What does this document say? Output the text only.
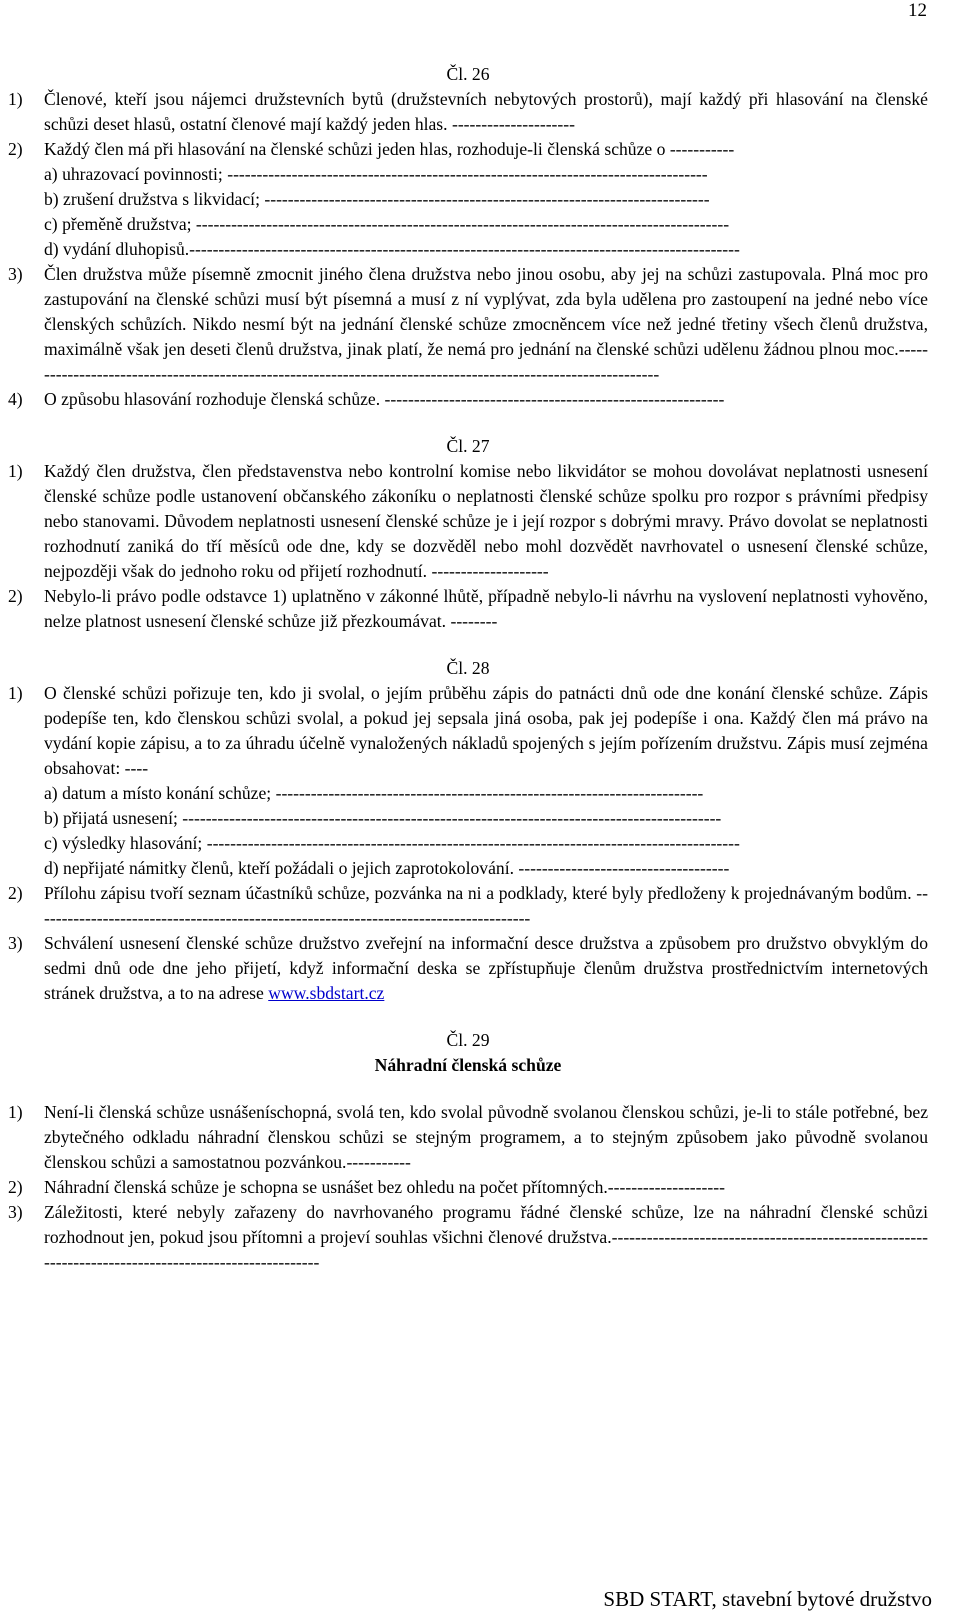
12
Čl. 26
1)	Členové, kteří jsou nájemci družstevních bytů (družstevních nebytových prostorů), mají každý při hlasování na členské schůzi deset hlasů, ostatní členové mají každý jeden hlas. ---------------------
2)	Každý člen má při hlasování na členské schůzi jeden hlas, rozhoduje-li členská schůze o -----------
a) uhrazovací povinnosti; ----------------------------------------------------------------------------------
b) zrušení družstva s likvidací; ----------------------------------------------------------------------------
c) přeměně družstva; -------------------------------------------------------------------------------------------
d) vydání dluhopisů.----------------------------------------------------------------------------------------------
3)	Člen družstva může písemně zmocnit jiného člena družstva nebo jinou osobu, aby jej na schůzi zastupovala. Plná moc pro zastupování na členské schůzi musí být písemná a musí z ní vyplývat, zda byla udělena pro zastoupení na jedné nebo více členských schůzích. Nikdo nesmí být na jednání členské schůze zmocněncem více než jedné třetiny všech členů družstva, maximálně však jen deseti členů družstva, jinak platí, že nemá pro jednání na členské schůzi udělenu žádnou plnou moc.--------------------------------------------------------------------------------------------------------------
4)	O způsobu hlasování rozhoduje členská schůze. ----------------------------------------------------------
Čl. 27
1)	Každý člen družstva, člen představenstva nebo kontrolní komise nebo likvidátor se mohou dovolávat neplatnosti usnesení členské schůze podle ustanovení občanského zákoníku o neplatnosti členské schůze spolku pro rozpor s právními předpisy nebo stanovami. Důvodem neplatnosti usnesení členské schůze je i její rozpor s dobrými mravy. Právo dovolat se neplatnosti rozhodnutí zaniká do tří měsíců ode dne, kdy se dozvěděl nebo mohl dozvědět navrhovatel o usnesení členské schůze, nejpozději však do jednoho roku od přijetí rozhodnutí. --------------------
2)	Nebylo-li právo podle odstavce 1) uplatněno v zákonné lhůtě, případně nebylo-li návrhu na vyslovení neplatnosti vyhověno, nelze platnost usnesení členské schůze již přezkoumávat. --------
Čl. 28
1)	O členské schůzi pořizuje ten, kdo ji svolal, o jejím průběhu zápis do patnácti dnů ode dne konání členské schůze. Zápis podepíše ten, kdo členskou schůzi svolal, a pokud jej sepsala jiná osoba, pak jej podepíše i ona. Každý člen má právo na vydání kopie zápisu, a to za úhradu účelně vynaložených nákladů spojených s jejím pořízením družstvu. Zápis musí zejména obsahovat: ----
a) datum a místo konání schůze; -------------------------------------------------------------------------
b) přijatá usnesení; --------------------------------------------------------------------------------------------
c) výsledky hlasování; -------------------------------------------------------------------------------------------
d) nepřijaté námitky členů, kteří požádali o jejich zaprotokolování. ------------------------------------
2)	Přílohu zápisu tvoří seznam účastníků schůze, pozvánka na ni a podklady, které byly předloženy k projednávaným bodům. -------------------------------------------------------------------------------------
3)	Schválení usnesení členské schůze družstvo zveřejní na informační desce družstva a způsobem pro družstvo obvyklým do sedmi dnů ode dne jeho přijetí, když informační deska se zpřístupňuje členům družstva prostřednictvím internetových stránek družstva, a to na adrese www.sbdstart.cz
Čl. 29
Náhradní členská schůze
1)	Není-li členská schůze usnášeníschopná, svolá ten, kdo svolal původně svolanou členskou schůzi, je-li to stále potřebné, bez zbytečného odkladu náhradní členskou schůzi se stejným programem, a to stejným způsobem jako původně svolanou členskou schůzi a samostatnou pozvánkou.-----------
2)	Náhradní členská schůze je schopna se usnášet bez ohledu na počet přítomných.--------------------
3)	Záležitosti, které nebyly zařazeny do navrhovaného programu řádné členské schůze, lze na náhradní členské schůzi rozhodnout jen, pokud jsou přítomni a projeví souhlas všichni členové družstva.-----------------------------------------------------------------------------------------------------
SBD START, stavební bytové družstvo
